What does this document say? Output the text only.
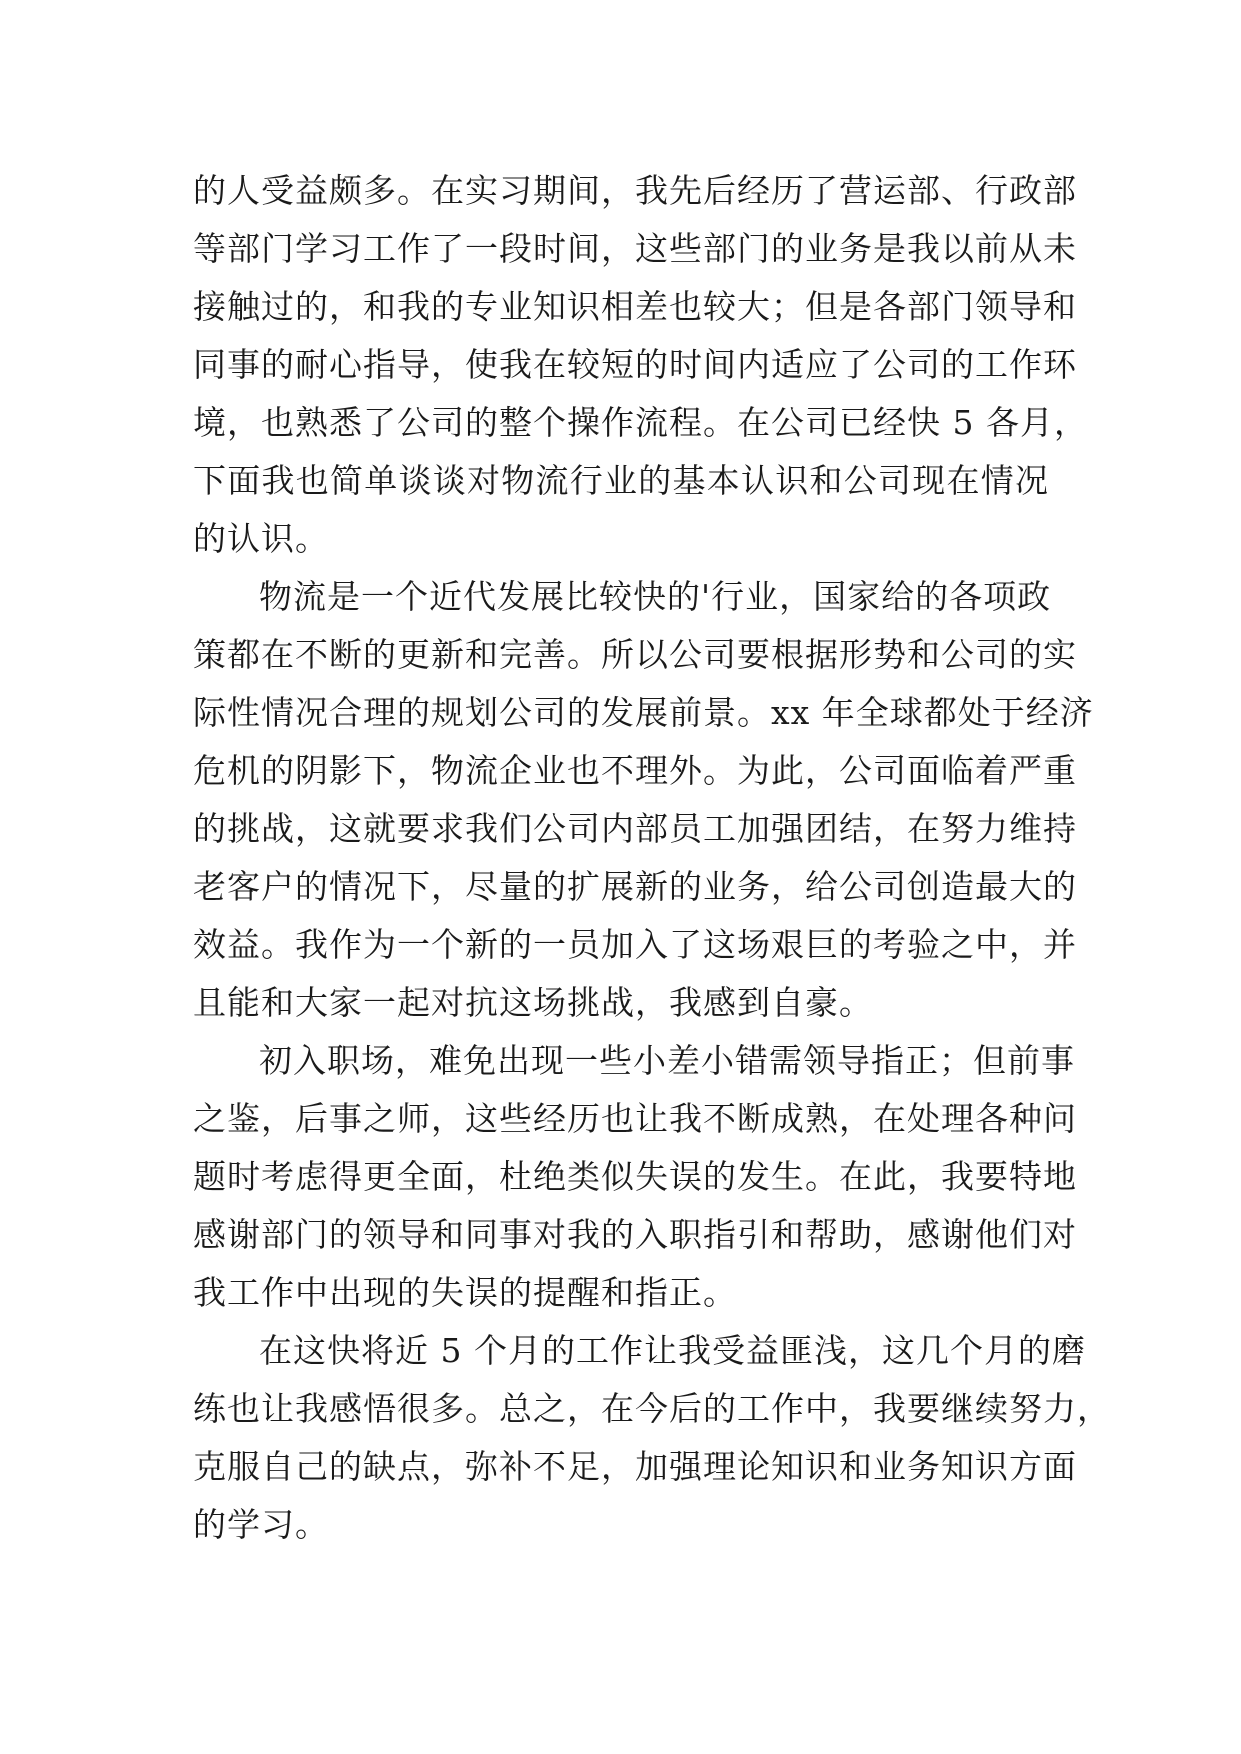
的人受益颇多。在实习期间，我先后经历了营运部、行政部
等部门学习工作了一段时间，这些部门的业务是我以前从未
接触过的，和我的专业知识相差也较大；但是各部门领导和
同事的耐心指导，使我在较短的时间内适应了公司的工作环
境，也熟悉了公司的整个操作流程。在公司已经快 5 各月，
下面我也简单谈谈对物流行业的基本认识和公司现在情况
的认识。
物流是一个近代发展比较快的'行业，国家给的各项政
策都在不断的更新和完善。所以公司要根据形势和公司的实
际性情况合理的规划公司的发展前景。xx 年全球都处于经济
危机的阴影下，物流企业也不理外。为此，公司面临着严重
的挑战，这就要求我们公司内部员工加强团结，在努力维持
老客户的情况下，尽量的扩展新的业务，给公司创造最大的
效益。我作为一个新的一员加入了这场艰巨的考验之中，并
且能和大家一起对抗这场挑战，我感到自豪。
初入职场，难免出现一些小差小错需领导指正；但前事
之鉴，后事之师，这些经历也让我不断成熟，在处理各种问
题时考虑得更全面，杜绝类似失误的发生。在此，我要特地
感谢部门的领导和同事对我的入职指引和帮助，感谢他们对
我工作中出现的失误的提醒和指正。
在这快将近 5 个月的工作让我受益匪浅，这几个月的磨
练也让我感悟很多。总之，在今后的工作中，我要继续努力，
克服自己的缺点，弥补不足，加强理论知识和业务知识方面
的学习。
